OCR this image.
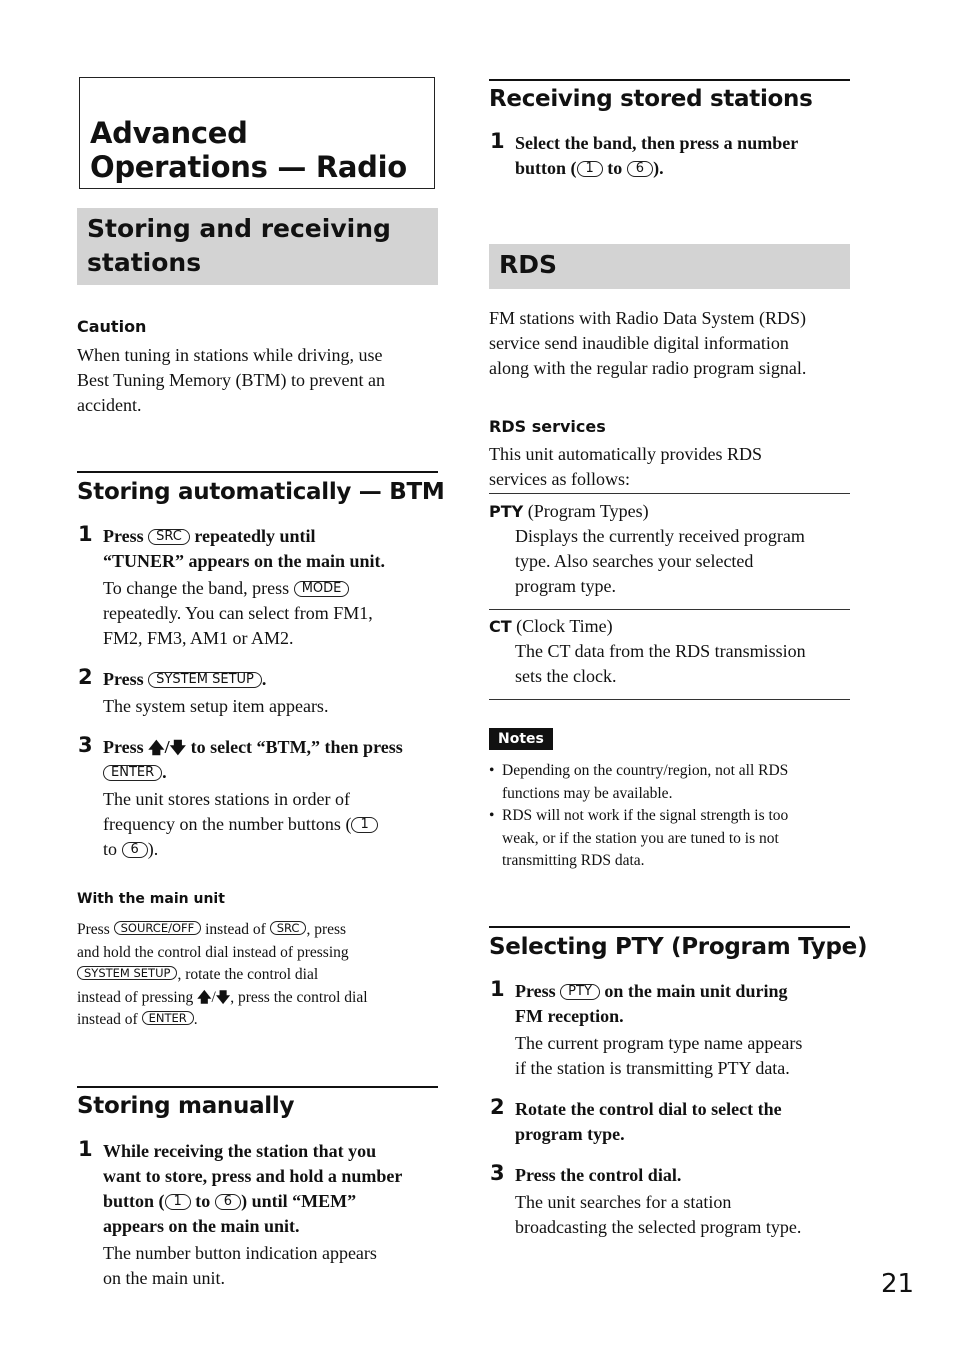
Advanced
Operations — Radio
Storing and receiving
stations
Caution
When tuning in stations while driving, use
Best Tuning Memory (BTM) to prevent an
accident.
Storing automatically — BTM
1 Press SRC repeatedly until
“TUNER” appears on the main unit.
To change the band, press MODE
repeatedly. You can select from FM1,
FM2, FM3, AM1 or AM2.
2 Press SYSTEM SETUP .
The system setup item appears.
3 Press 🡅/🡇 to select “BTM,” then press
ENTER .
The unit stores stations in order of
frequency on the number buttons ( 1
to 6 ).
With the main unit
Press SOURCE/OFF instead of SRC , press
and hold the control dial instead of pressing
SYSTEM SETUP , rotate the control dial
instead of pressing 🡅/🡇, press the control dial
instead of ENTER .
Storing manually
1 While receiving the station that you
want to store, press and hold a number
button ( 1 to 6 ) until “MEM”
appears on the main unit.
The number button indication appears
on the main unit.
Receiving stored stations
1 Select the band, then press a number
button ( 1 to 6 ).
RDS
FM stations with Radio Data System (RDS)
service send inaudible digital information
along with the regular radio program signal.
RDS services
This unit automatically provides RDS
services as follows:
PTY (Program Types)
Displays the currently received program
type. Also searches your selected
program type.
CT (Clock Time)
The CT data from the RDS transmission
sets the clock.
Notes
• Depending on the country/region, not all RDS
functions may be available.
• RDS will not work if the signal strength is too
weak, or if the station you are tuned to is not
transmitting RDS data.
Selecting PTY (Program Type)
1 Press PTY on the main unit during
FM reception.
The current program type name appears
if the station is transmitting PTY data.
2 Rotate the control dial to select the
program type.
3 Press the control dial.
The unit searches for a station
broadcasting the selected program type.
21
